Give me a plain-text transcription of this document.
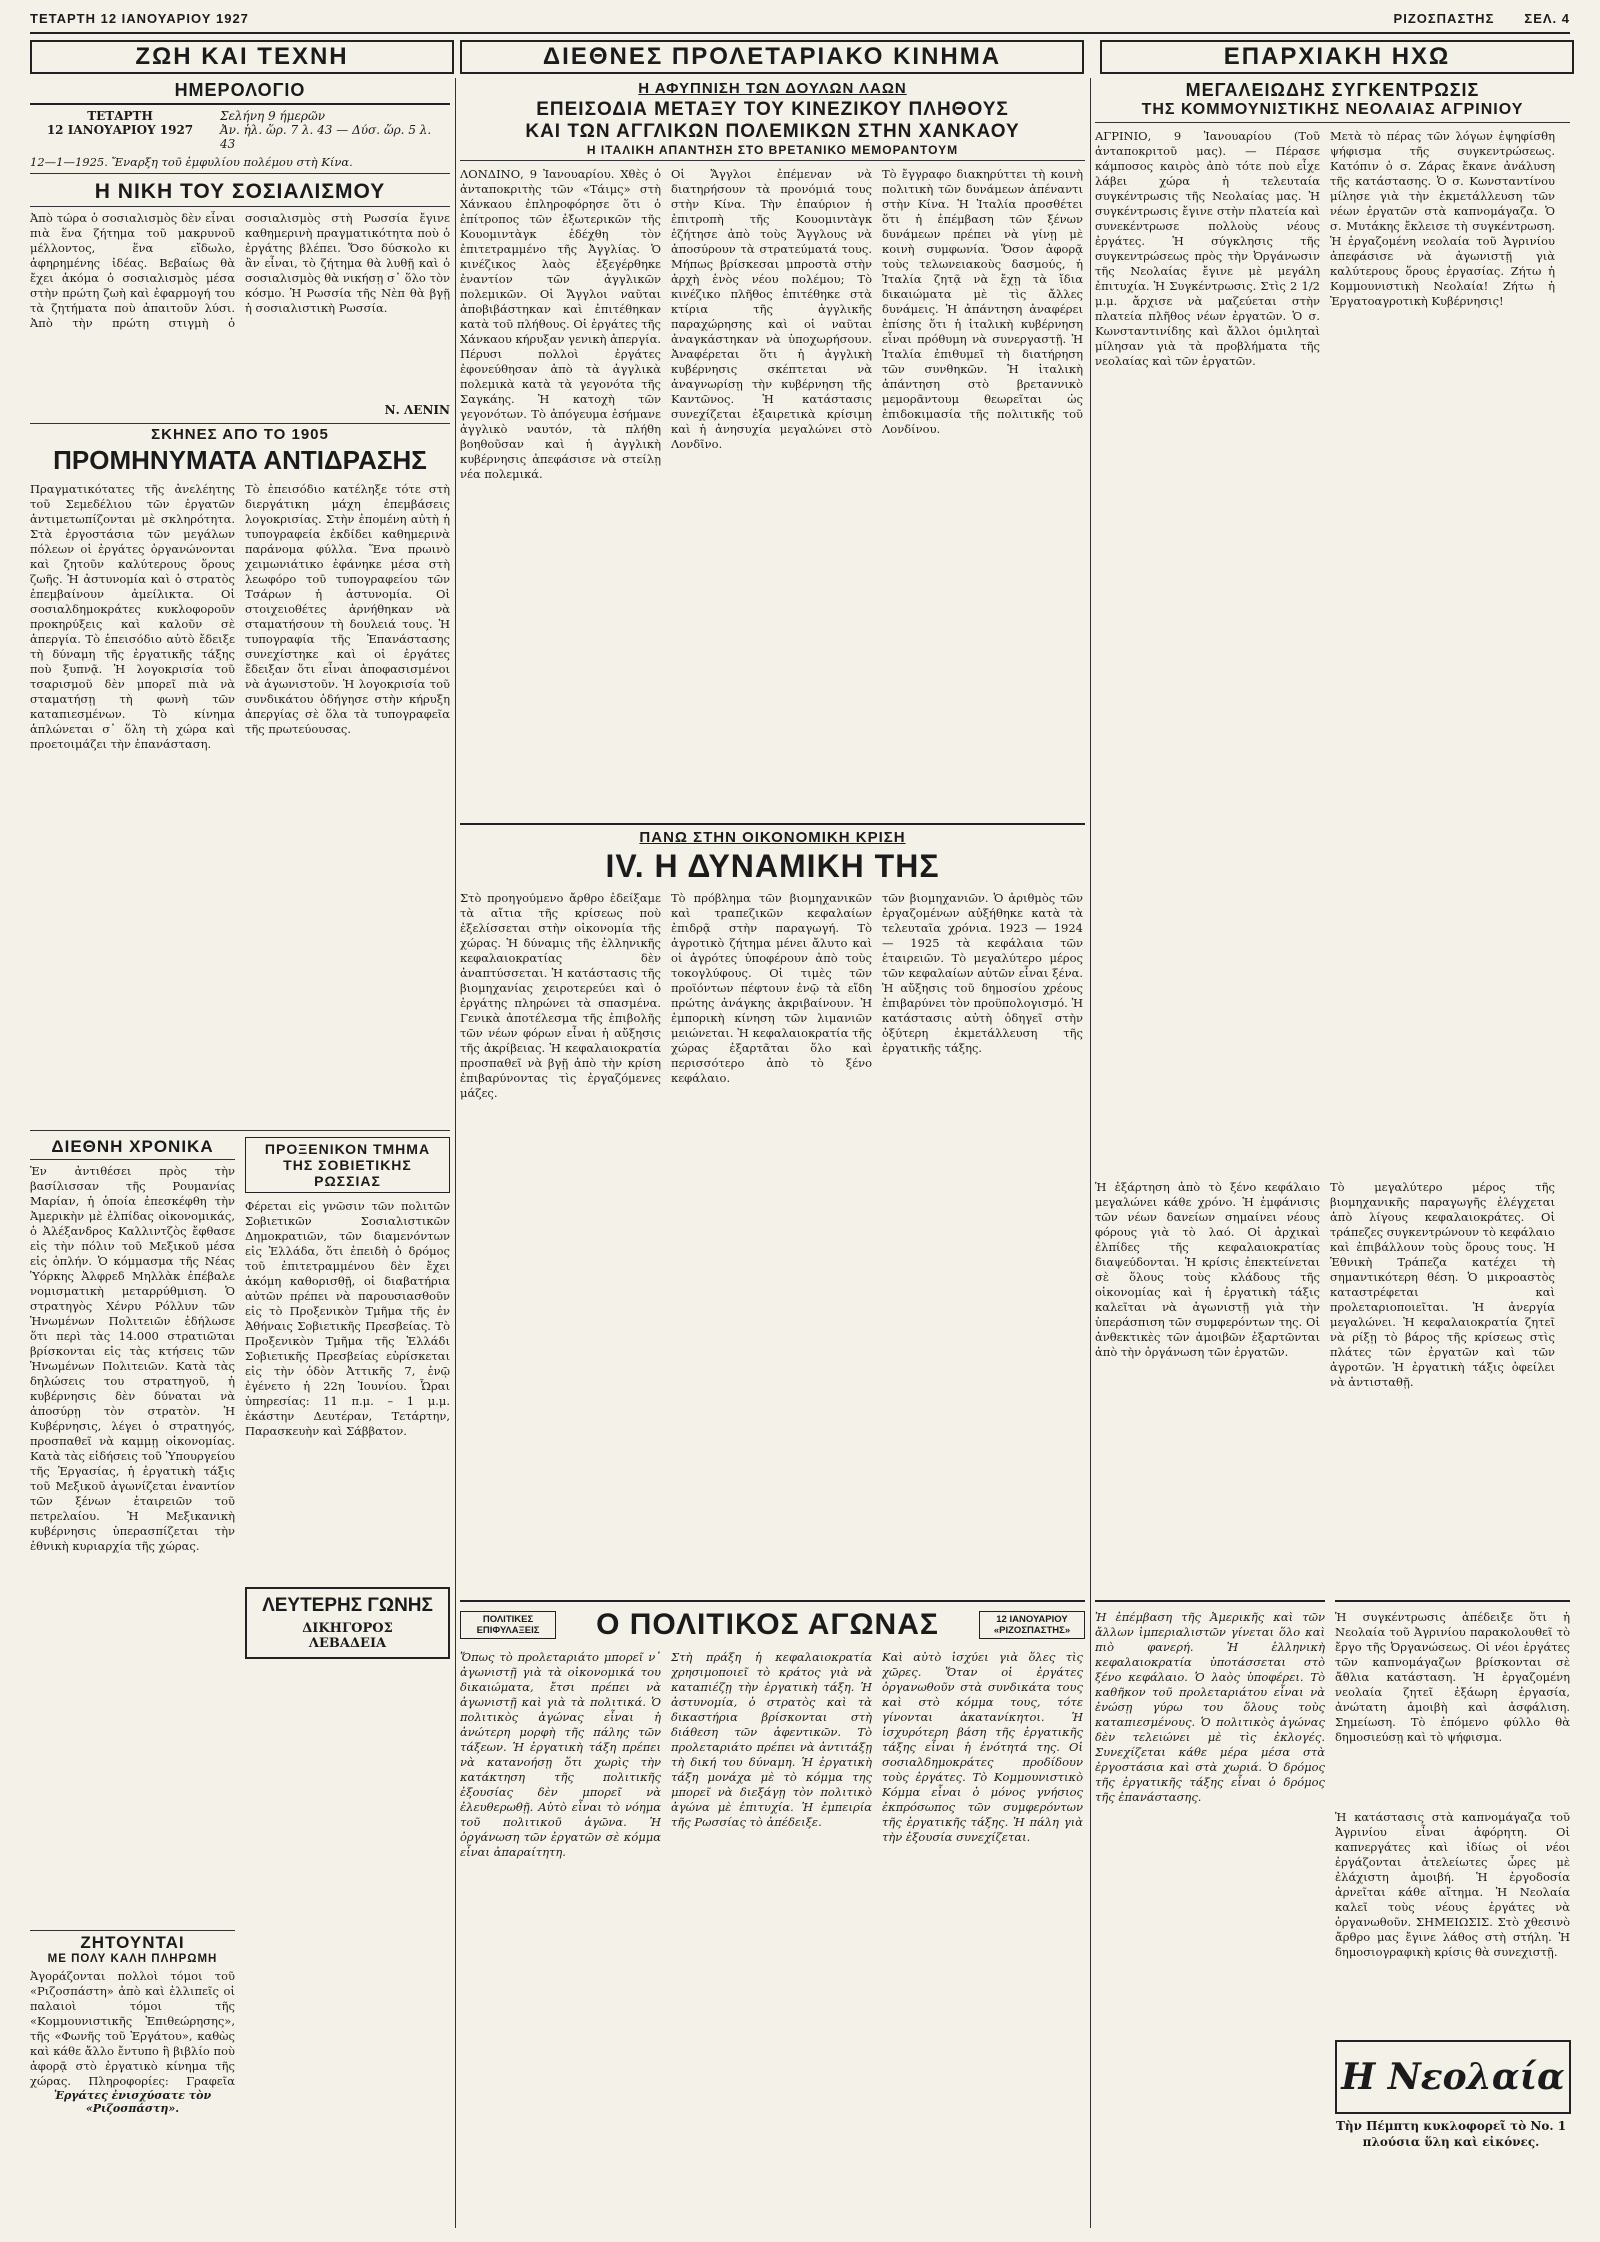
ΤΕΤΑΡΤΗ 12 ΙΑΝΟΥΑΡΙΟΥ 1927	ΡΙΖΟΣΠΑΣΤΗΣ ΣΕΛ. 4
ΖΩΗ ΚΑΙ ΤΕΧΝΗ	ΔΙΕΘΝΕΣ ΠΡΟΛΕΤΑΡΙΑΚΟ ΚΙΝΗΜΑ	ΕΠΑΡΧΙΑΚΗ ΗΧΩ
ΗΜΕΡΟΛΟΓΙΟ
ΤΕΤΑΡΤΗ
12 ΙΑΝΟΥΑΡΙΟΥ 1927
Σελήνη 9 ήμερῶν
Ἀν. ἡλ. ὥρ. 7 λ. 43 — Δύσ. ὥρ. 5 λ. 43
12—1—1925. Ἔναρξη τοῦ ἐμφυλίου πολέμου στὴ Κίνα.
Η ΝΙΚΗ ΤΟΥ ΣΟΣΙΑΛΙΣΜΟΥ

Ἀπὸ τώρα ὁ σοσιαλισμὸς δὲν εἶναι πιὰ ἕνα ζήτημα τοῦ μακρυνοῦ μέλλοντος, ἕνα εἴδωλο, ἀφηρημένης ἰδέας. Βεβαίως θὰ ἔχει ἀκόμα ὁ σοσιαλισμὸς μέσα στὴν πρώτη ζωὴ καὶ ἐφαρμογή του τὰ ζητήματα ποὺ ἀπαιτοῦν λύσι. Ἀπὸ τὴν πρώτη στιγμὴ ὁ σοσιαλισμὸς στὴ Ρωσσία ἔγινε καθημερινὴ πραγματικότητα ποὺ ὁ ἐργάτης βλέπει. Ὅσο δύσκολο κι ἂν εἶναι, τὸ ζήτημα θὰ λυθῇ καὶ ὁ σοσιαλισμὸς θὰ νικήσῃ σ᾽ ὅλο τὸν κόσμο. Ἡ Ρωσσία τῆς Νὲπ θὰ βγῇ ἡ σοσιαλιστικὴ Ρωσσία.

Ν. ΛΕΝΙΝ
ΣΚΗΝΕΣ ΑΠΟ ΤΟ 1905
ΠΡΟΜΗΝΥΜΑΤΑ ΑΝΤΙΔΡΑΣΗΣ

Πραγματικότατες τῆς ἀνελέητης τοῦ Σεμεδέλιου τῶν ἐργατῶν ἀντιμετωπίζονται μὲ σκληρότητα. Στὰ ἐργοστάσια τῶν μεγάλων πόλεων οἱ ἐργάτες ὀργανώνονται καὶ ζητοῦν καλύτερους ὅρους ζωῆς. Ἡ ἀστυνομία καὶ ὁ στρατὸς ἐπεμβαίνουν ἀμείλικτα. Οἱ σοσιαλδημοκράτες κυκλοφοροῦν προκηρύξεις καὶ καλοῦν σὲ ἀπεργία. Τὸ ἐπεισόδιο αὐτὸ ἔδειξε τὴ δύναμη τῆς ἐργατικῆς τάξης ποὺ ξυπνᾷ. Ἡ λογοκρισία τοῦ τσαρισμοῦ δὲν μπορεῖ πιὰ νὰ σταματήσῃ τὴ φωνὴ τῶν καταπιεσμένων. Τὸ κίνημα ἁπλώνεται σ᾽ ὅλη τὴ χώρα καὶ προετοιμάζει τὴν ἐπανάσταση.

Τὸ ἐπεισόδιο κατέληξε τότε στὴ διεργάτικη μάχη ἐπεμβάσεις λογοκρισίας. Στὴν ἐπομένη αὐτὴ ἡ τυπογραφεία ἐκδίδει καθημερινὰ παράνομα φύλλα. Ἕνα πρωινὸ χειμωνιάτικο ἐφάνηκε μέσα στὴ λεωφόρο τοῦ τυπογραφείου τῶν Τσάρων ἡ ἀστυνομία. Οἱ στοιχειοθέτες ἀρνήθηκαν νὰ σταματήσουν τὴ δουλειά τους. Ἡ τυπογραφία τῆς Ἐπανάστασης συνεχίστηκε καὶ οἱ ἐργάτες ἔδειξαν ὅτι εἶναι ἀποφασισμένοι νὰ ἀγωνιστοῦν. Ἡ λογοκρισία τοῦ συνδικάτου ὁδήγησε στὴν κήρυξη ἀπεργίας σὲ ὅλα τὰ τυπογραφεῖα τῆς πρωτεύουσας.

ΔΙΕΘΝΗ ΧΡΟΝΙΚΑ

Ἐν ἀντιθέσει πρὸς τὴν βασίλισσαν τῆς Ρουμανίας Μαρίαν, ἡ ὁποία ἐπεσκέφθη τὴν Ἀμερικὴν μὲ ἐλπίδας οἰκονομικάς, ὁ Ἀλέξανδρος Καλλιντζὸς ἔφθασε εἰς τὴν πόλιν τοῦ Μεξικοῦ μέσα εἰς ὁπλήν. Ὁ κόμμασμα τῆς Νέας Ὑόρκης Ἀλφρεδ Μηλλὰκ ἐπέβαλε νομισματικὴ μεταρρύθμιση. Ὁ στρατηγὸς Χένρυ Ρόλλυν τῶν Ἡνωμένων Πολιτειῶν ἐδήλωσε ὅτι περὶ τὰς 14.000 στρατιῶται βρίσκονται εἰς τὰς κτήσεις τῶν Ἡνωμένων Πολιτειῶν. Κατὰ τὰς δηλώσεις του στρατηγοῦ, ἡ κυβέρνησις δὲν δύναται νὰ ἀποσύρῃ τὸν στρατὸν. Ἡ Κυβέρνησις, λέγει ὁ στρατηγός, προσπαθεῖ νὰ καμμῃ οἰκονομίας. Κατὰ τὰς εἰδήσεις τοῦ Ὑπουργείου τῆς Ἐργασίας, ἡ ἐργατικὴ τάξις τοῦ Μεξικοῦ ἀγωνίζεται ἐναντίον τῶν ξένων ἑταιρειῶν τοῦ πετρελαίου. Ἡ Μεξικανικὴ κυβέρνησις ὑπερασπίζεται τὴν ἐθνικὴ κυριαρχία τῆς χώρας.

ΖΗΤΟΥΝΤΑΙ
ΜΕ ΠΟΛΥ ΚΑΛΗ ΠΛΗΡΩΜΗ

Ἀγοράζονται πολλοὶ τόμοι τοῦ «Ριζοσπάστη» ἀπὸ καὶ ἐλλιπεῖς οἱ παλαιοὶ τόμοι τῆς «Κομμουνιστικῆς Ἐπιθεώρησης», τῆς «Φωνῆς τοῦ Ἐργάτου», καθὼς καὶ κάθε ἄλλο ἔντυπο ἢ βιβλίο ποὺ ἀφορᾷ στὸ ἐργατικὸ κίνημα τῆς χώρας. Πληροφορίες: Γραφεῖα

Ἐργάτες ἐνισχύσατε τὸν «Ριζοσπάστη».
ΠΡΟΞΕΝΙΚΟΝ ΤΜΗΜΑ ΤΗΣ ΣΟΒΙΕΤΙΚΗΣ ΡΩΣΣΙΑΣ

Φέρεται εἰς γνῶσιν τῶν πολιτῶν Σοβιετικῶν Σοσιαλιστικῶν Δημοκρατιῶν, τῶν διαμενόντων εἰς Ἑλλάδα, ὅτι ἐπειδὴ ὁ δρόμος τοῦ ἐπιτετραμμένου δὲν ἔχει ἀκόμη καθορισθῇ, οἱ διαβατήρια αὐτῶν πρέπει νὰ παρουσιασθοῦν εἰς τὸ Προξενικὸν Τμῆμα τῆς ἐν Ἀθήναις Σοβιετικῆς Πρεσβείας. Τὸ Προξενικὸν Τμῆμα τῆς Ἑλλάδι Σοβιετικῆς Πρεσβείας εὑρίσκεται εἰς τὴν ὁδὸν Ἀττικῆς 7, ἐνῷ ἐγένετο ἡ 22η Ἰουνίου. Ὧραι ὑπηρεσίας: 11 π.μ. – 1 μ.μ. ἑκάστην Δευτέραν, Τετάρτην, Παρασκευὴν καὶ Σάββατον.

ΛΕΥΤΕΡΗΣ ΓΩΝΗΣ
ΔΙΚΗΓΟΡΟΣ
ΛΕΒΑΔΕΙΑ
Η ΑΦΥΠΝΙΣΗ ΤΩΝ ΔΟΥΛΩΝ ΛΑΩΝ
ΕΠΕΙΣΟΔΙΑ ΜΕΤΑΞΥ ΤΟΥ ΚΙΝΕΖΙΚΟΥ ΠΛΗΘΟΥΣ
ΚΑΙ ΤΩΝ ΑΓΓΛΙΚΩΝ ΠΟΛΕΜΙΚΩΝ ΣΤΗΝ ΧΑΝΚΑΟΥ
Η ΙΤΑΛΙΚΗ ΑΠΑΝΤΗΣΗ ΣΤΟ ΒΡΕΤΑΝΙΚΟ ΜΕΜΟΡΑΝΤΟΥΜ

ΛΟΝΔΙΝΟ, 9 Ἰανουαρίου. Χθὲς ὁ ἀνταποκριτὴς τῶν «Τάιμς» στὴ Χάνκαου ἐπληροφόρησε ὅτι ὁ ἐπίτροπος τῶν ἐξωτερικῶν τῆς Κουομιντὰγκ ἐδέχθη τὸν ἐπιτετραμμένο τῆς Ἀγγλίας. Ὁ κινέζικος λαὸς ἐξεγέρθηκε ἐναντίον τῶν ἀγγλικῶν πολεμικῶν. Οἱ Ἄγγλοι ναῦται ἀποβιβάστηκαν καὶ ἐπιτέθηκαν κατὰ τοῦ πλήθους. Οἱ ἐργάτες τῆς Χάνκαου κήρυξαν γενικὴ ἀπεργία. Πέρυσι πολλοὶ ἐργάτες ἐφονεύθησαν ἀπὸ τὰ ἀγγλικὰ πολεμικὰ κατὰ τὰ γεγονότα τῆς Σαγκάης. Ἡ κατοχὴ τῶν γεγονότων. Τὸ ἀπόγευμα ἐσήμανε ἀγγλικὸ ναυτόν, τὰ πλήθη βοηθοῦσαν καὶ ἡ ἀγγλικὴ κυβέρνησις ἀπεφάσισε νὰ στείλῃ νέα πολεμικά.

Οἱ Ἄγγλοι ἐπέμεναν νὰ διατηρήσουν τὰ προνόμιά τους στὴν Κίνα. Τὴν ἐπαύριον ἡ ἐπιτροπὴ τῆς Κουομιντὰγκ ἐζήτησε ἀπὸ τοὺς Ἄγγλους νὰ ἀποσύρουν τὰ στρατεύματά τους. Μήπως βρίσκεσαι μπροστὰ στὴν ἀρχὴ ἑνὸς νέου πολέμου; Τὸ κινέζικο πλῆθος ἐπιτέθηκε στὰ κτίρια τῆς ἀγγλικῆς παραχώρησης καὶ οἱ ναῦται ἀναγκάστηκαν νὰ ὑποχωρήσουν. Ἀναφέρεται ὅτι ἡ ἀγγλικὴ κυβέρνησις σκέπτεται νὰ ἀναγνωρίσῃ τὴν κυβέρνηση τῆς Καντῶνος. Ἡ κατάστασις συνεχίζεται ἐξαιρετικὰ κρίσιμη καὶ ἡ ἀνησυχία μεγαλώνει στὸ Λονδῖνο.

Τὸ ἔγγραφο διακηρύττει τὴ κοινὴ πολιτικὴ τῶν δυνάμεων ἀπέναντι στὴν Κίνα. Ἡ Ἰταλία προσθέτει ὅτι ἡ ἐπέμβαση τῶν ξένων δυνάμεων πρέπει νὰ γίνῃ μὲ κοινὴ συμφωνία. Ὅσον ἀφορᾷ τοὺς τελωνειακοὺς δασμούς, ἡ Ἰταλία ζητᾷ νὰ ἔχῃ τὰ ἴδια δικαιώματα μὲ τὶς ἄλλες δυνάμεις. Ἡ ἀπάντηση ἀναφέρει ἐπίσης ὅτι ἡ ἰταλικὴ κυβέρνηση εἶναι πρόθυμη νὰ συνεργαστῇ. Ἡ Ἰταλία ἐπιθυμεῖ τὴ διατήρηση τῶν συνθηκῶν. Ἡ ἰταλικὴ ἀπάντηση στὸ βρεταννικὸ μεμορᾶντουμ θεωρεῖται ὡς ἐπιδοκιμασία τῆς πολιτικῆς τοῦ Λονδίνου.

ΠΑΝΩ ΣΤΗΝ ΟΙΚΟΝΟΜΙΚΗ ΚΡΙΣΗ
IV. Η ΔΥΝΑΜΙΚΗ ΤΗΣ

Στὸ προηγούμενο ἄρθρο ἐδείξαμε τὰ αἴτια τῆς κρίσεως ποὺ ἐξελίσσεται στὴν οἰκονομία τῆς χώρας. Ἡ δύναμις τῆς ἐλληνικῆς κεφαλαιοκρατίας δὲν ἀναπτύσσεται. Ἡ κατάστασις τῆς βιομηχανίας χειροτερεύει καὶ ὁ ἐργάτης πληρώνει τὰ σπασμένα. Γενικὰ ἀποτέλεσμα τῆς ἐπιβολῆς τῶν νέων φόρων εἶναι ἡ αὔξησις τῆς ἀκρίβειας. Ἡ κεφαλαιοκρατία προσπαθεῖ νὰ βγῇ ἀπὸ τὴν κρίση ἐπιβαρύνοντας τὶς ἐργαζόμενες μάζες.

Τὸ πρόβλημα τῶν βιομηχανικῶν καὶ τραπεζικῶν κεφαλαίων ἐπιδρᾷ στὴν παραγωγή. Τὸ ἀγροτικὸ ζήτημα μένει ἄλυτο καὶ οἱ ἀγρότες ὑποφέρουν ἀπὸ τοὺς τοκογλύφους. Οἱ τιμὲς τῶν προϊόντων πέφτουν ἐνῷ τὰ εἴδη πρώτης ἀνάγκης ἀκριβαίνουν. Ἡ ἐμπορικὴ κίνηση τῶν λιμανιῶν μειώνεται. Ἡ κεφαλαιοκρατία τῆς χώρας ἐξαρτᾶται ὅλο καὶ περισσότερο ἀπὸ τὸ ξένο κεφάλαιο.

τῶν βιομηχανιῶν. Ὁ ἀριθμὸς τῶν ἐργαζομένων αὐξήθηκε κατὰ τὰ τελευταῖα χρόνια. 1923 — 1924 — 1925 τὰ κεφάλαια τῶν ἑταιρειῶν. Τὸ μεγαλύτερο μέρος τῶν κεφαλαίων αὐτῶν εἶναι ξένα. Ἡ αὔξησις τοῦ δημοσίου χρέους ἐπιβαρύνει τὸν προϋπολογισμό. Ἡ κατάστασις αὐτὴ ὁδηγεῖ στὴν ὀξύτερη ἐκμετάλλευση τῆς ἐργατικῆς τάξης.

Ἡ ἐξάρτηση ἀπὸ τὸ ξένο κεφάλαιο μεγαλώνει κάθε χρόνο. Ἡ ἐμφάνισις τῶν νέων δανείων σημαίνει νέους φόρους γιὰ τὸ λαό. Οἱ ἀρχικαὶ ἐλπίδες τῆς κεφαλαιοκρατίας διαψεύδονται. Ἡ κρίσις ἐπεκτείνεται σὲ ὅλους τοὺς κλάδους τῆς οἰκονομίας καὶ ἡ ἐργατικὴ τάξις καλεῖται νὰ ἀγωνιστῇ γιὰ τὴν ὑπεράσπιση τῶν συμφερόντων της. Οἱ ἀνθεκτικὲς τῶν ἀμοιβῶν ἐξαρτῶνται ἀπὸ τὴν ὀργάνωση τῶν ἐργατῶν.

Τὸ μεγαλύτερο μέρος τῆς βιομηχανικῆς παραγωγῆς ἐλέγχεται ἀπὸ λίγους κεφαλαιοκράτες. Οἱ τράπεζες συγκεντρώνουν τὸ κεφάλαιο καὶ ἐπιβάλλουν τοὺς ὅρους τους. Ἡ Ἐθνικὴ Τράπεζα κατέχει τὴ σημαντικότερη θέση. Ὁ μικροαστὸς καταστρέφεται καὶ προλεταριοποιεῖται. Ἡ ἀνεργία μεγαλώνει. Ἡ κεφαλαιοκρατία ζητεῖ νὰ ρίξῃ τὸ βάρος τῆς κρίσεως στὶς πλάτες τῶν ἐργατῶν καὶ τῶν ἀγροτῶν. Ἡ ἐργατικὴ τάξις ὀφείλει νὰ ἀντισταθῇ.

ΠΟΛΙΤΙΚΕΣ ΕΠΙΦΥΛΑΞΕΙΣ	Ο ΠΟΛΙΤΙΚΟΣ ΑΓΩΝΑΣ	12 ΙΑΝΟΥΑΡΙΟΥ «ΡΙΖΟΣΠΑΣΤΗΣ»

Ὅπως τὸ προλεταριάτο μπορεῖ ν᾽ ἀγωνιστῇ γιὰ τὰ οἰκονομικά του δικαιώματα, ἔτσι πρέπει νὰ ἀγωνιστῇ καὶ γιὰ τὰ πολιτικά. Ὁ πολιτικὸς ἀγώνας εἶναι ἡ ἀνώτερη μορφὴ τῆς πάλης τῶν τάξεων. Ἡ ἐργατικὴ τάξη πρέπει νὰ κατανοήσῃ ὅτι χωρὶς τὴν κατάκτηση τῆς πολιτικῆς ἐξουσίας δὲν μπορεῖ νὰ ἐλευθερωθῇ. Αὐτὸ εἶναι τὸ νόημα τοῦ πολιτικοῦ ἀγῶνα. Ἡ ὀργάνωση τῶν ἐργατῶν σὲ κόμμα εἶναι ἀπαραίτητη.

Στὴ πράξη ἡ κεφαλαιοκρατία χρησιμοποιεῖ τὸ κράτος γιὰ νὰ καταπιέζῃ τὴν ἐργατικὴ τάξη. Ἡ ἀστυνομία, ὁ στρατὸς καὶ τὰ δικαστήρια βρίσκονται στὴ διάθεση τῶν ἀφεντικῶν. Τὸ προλεταριάτο πρέπει νὰ ἀντιτάξῃ τὴ δική του δύναμη. Ἡ ἐργατικὴ τάξη μονάχα μὲ τὸ κόμμα της μπορεῖ νὰ διεξάγῃ τὸν πολιτικὸ ἀγώνα μὲ ἐπιτυχία. Ἡ ἐμπειρία τῆς Ρωσσίας τὸ ἀπέδειξε.

Καὶ αὐτὸ ἰσχύει γιὰ ὅλες τὶς χῶρες. Ὅταν οἱ ἐργάτες ὀργανωθοῦν στὰ συνδικάτα τους καὶ στὸ κόμμα τους, τότε γίνονται ἀκατανίκητοι. Ἡ ἰσχυρότερη βάση τῆς ἐργατικῆς τάξης εἶναι ἡ ἑνότητά της. Οἱ σοσιαλδημοκράτες προδίδουν τοὺς ἐργάτες. Τὸ Κομμουνιστικὸ Κόμμα εἶναι ὁ μόνος γνήσιος ἐκπρόσωπος τῶν συμφερόντων τῆς ἐργατικῆς τάξης. Ἡ πάλη γιὰ τὴν ἐξουσία συνεχίζεται.

Ἡ ἐπέμβαση τῆς Ἀμερικῆς καὶ τῶν ἄλλων ἱμπεριαλιστῶν γίνεται ὅλο καὶ πιὸ φανερή. Ἡ ἑλληνικὴ κεφαλαιοκρατία ὑποτάσσεται στὸ ξένο κεφάλαιο. Ὁ λαὸς ὑποφέρει. Τὸ καθῆκον τοῦ προλεταριάτου εἶναι νὰ ἑνώσῃ γύρω του ὅλους τοὺς καταπιεσμένους. Ὁ πολιτικὸς ἀγώνας δὲν τελειώνει μὲ τὶς ἐκλογές. Συνεχίζεται κάθε μέρα μέσα στὰ ἐργοστάσια καὶ στὰ χωριά. Ὁ δρόμος τῆς ἐργατικῆς τάξης εἶναι ὁ δρόμος τῆς ἐπανάστασης.

ΜΕΓΑΛΕΙΩΔΗΣ ΣΥΓΚΕΝΤΡΩΣΙΣ
ΤΗΣ ΚΟΜΜΟΥΝΙΣΤΙΚΗΣ ΝΕΟΛΑΙΑΣ ΑΓΡΙΝΙΟΥ

ΑΓΡΙΝΙΟ, 9 Ἰανουαρίου (Τοῦ ἀνταποκριτοῦ μας). — Πέρασε κάμποσος καιρὸς ἀπὸ τότε ποὺ εἶχε λάβει χώρα ἡ τελευταία συγκέντρωσις τῆς Νεολαίας μας. Ἡ συγκέντρωσις ἔγινε στὴν πλατεία καὶ συνεκέντρωσε πολλοὺς νέους ἐργάτες. Ἡ σύγκλησις τῆς συγκεντρώσεως πρὸς τὴν Ὀργάνωσιν τῆς Νεολαίας ἔγινε μὲ μεγάλη ἐπιτυχία. Ἡ Συγκέντρωσις. Στὶς 2 1/2 μ.μ. ἄρχισε νὰ μαζεύεται στὴν πλατεία πλῆθος νέων ἐργατῶν. Ὁ σ. Κωνσταντινίδης καὶ ἄλλοι ὁμιληταὶ μίλησαν γιὰ τὰ προβλήματα τῆς νεολαίας καὶ τῶν ἐργατῶν.

Μετὰ τὸ πέρας τῶν λόγων ἐψηφίσθη ψήφισμα τῆς συγκεντρώσεως. Κατόπιν ὁ σ. Ζάρας ἔκανε ἀνάλυση τῆς κατάστασης. Ὁ σ. Κωνσταντίνου μίλησε γιὰ τὴν ἐκμετάλλευση τῶν νέων ἐργατῶν στὰ καπνομάγαζα. Ὁ σ. Μυτάκης ἔκλεισε τὴ συγκέντρωση. Ἡ ἐργαζομένη νεολαία τοῦ Ἀγρινίου ἀπεφάσισε νὰ ἀγωνιστῇ γιὰ καλύτερους ὅρους ἐργασίας. Ζήτω ἡ Κομμουνιστικὴ Νεολαία! Ζήτω ἡ Ἐργατοαγροτικὴ Κυβέρνησις!

Ἡ συγκέντρωσις ἀπέδειξε ὅτι ἡ Νεολαία τοῦ Ἀγρινίου παρακολουθεῖ τὸ ἔργο τῆς Ὀργανώσεως. Οἱ νέοι ἐργάτες τῶν καπνομάγαζων βρίσκονται σὲ ἄθλια κατάσταση. Ἡ ἐργαζομένη νεολαία ζητεῖ ἐξάωρη ἐργασία, ἀνώτατη ἀμοιβὴ καὶ ἀσφάλιση. Σημείωση. Τὸ ἐπόμενο φύλλο θὰ δημοσιεύσῃ καὶ τὸ ψήφισμα.

Ἡ κατάστασις στὰ καπνομάγαζα τοῦ Ἀγρινίου εἶναι ἀφόρητη. Οἱ καπνεργάτες καὶ ἰδίως οἱ νέοι ἐργάζονται ἀτελείωτες ὧρες μὲ ἐλάχιστη ἀμοιβή. Ἡ ἐργοδοσία ἀρνεῖται κάθε αἴτημα. Ἡ Νεολαία καλεῖ τοὺς νέους ἐργάτες νὰ ὀργανωθοῦν. ΣΗΜΕΙΩΣΙΣ. Στὸ χθεσινὸ ἄρθρο μας ἔγινε λάθος στὴ στήλη. Ἡ δημοσιογραφικὴ κρίσις θὰ συνεχιστῇ.

Η Νεολαία
Τὴν Πέμπτη κυκλοφορεῖ τὸ Νο. 1 πλούσια ὕλη καὶ εἰκόνες.
